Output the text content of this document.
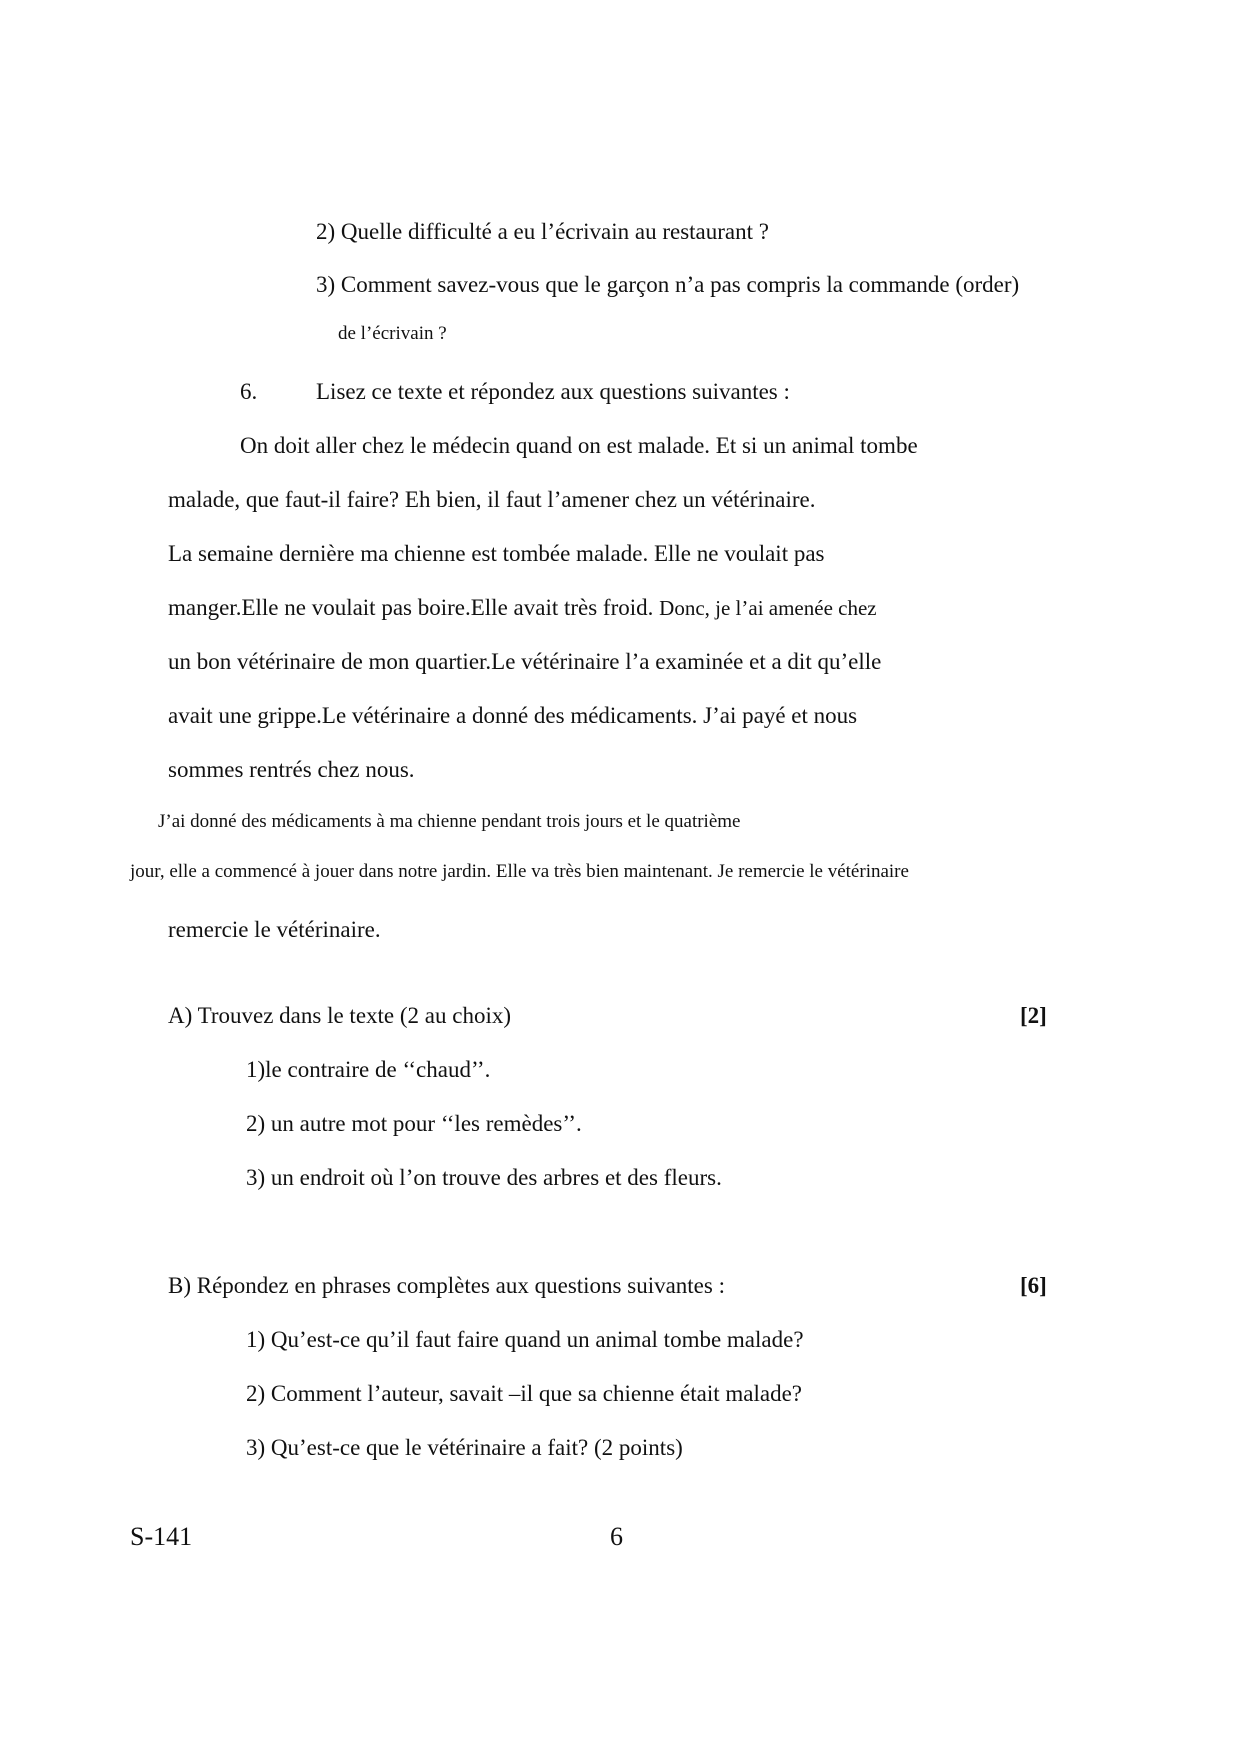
2) Quelle difficulté a eu l’écrivain au restaurant ?
3) Comment savez-vous que le garçon n’a pas compris la commande (order)
de l’écrivain ?
6.	Lisez ce texte et répondez aux questions suivantes :
On doit aller chez le médecin quand on est malade. Et si un animal tombe
malade, que faut-il faire? Eh bien, il faut l’amener chez un vétérinaire.
La semaine dernière ma chienne est tombée malade. Elle ne voulait pas
manger.Elle ne voulait pas boire.Elle avait très froid. Donc, je l’ai amenée chez
un bon vétérinaire de mon quartier.Le vétérinaire l’a examinée et a dit qu’elle
avait une grippe.Le vétérinaire a donné des médicaments. J’ai payé et nous
sommes rentrés chez nous.
J’ai donné des médicaments à ma chienne pendant trois jours et le quatrième
jour, elle a commencé à jouer dans notre jardin. Elle va très bien maintenant. Je remercie le vétérinaire
remercie le vétérinaire.
A) Trouvez dans le texte (2 au choix)	[2]
1)le contraire de ‘‘chaud’’.
2) un autre mot pour ‘‘les remèdes’’.
3) un endroit où l’on trouve des arbres et des fleurs.
B) Répondez en phrases complètes aux questions suivantes :	[6]
1) Qu’est-ce qu’il faut faire quand un animal tombe malade?
2) Comment l’auteur, savait –il que sa chienne était malade?
3) Qu’est-ce que le vétérinaire a fait? (2 points)
S-141	6
